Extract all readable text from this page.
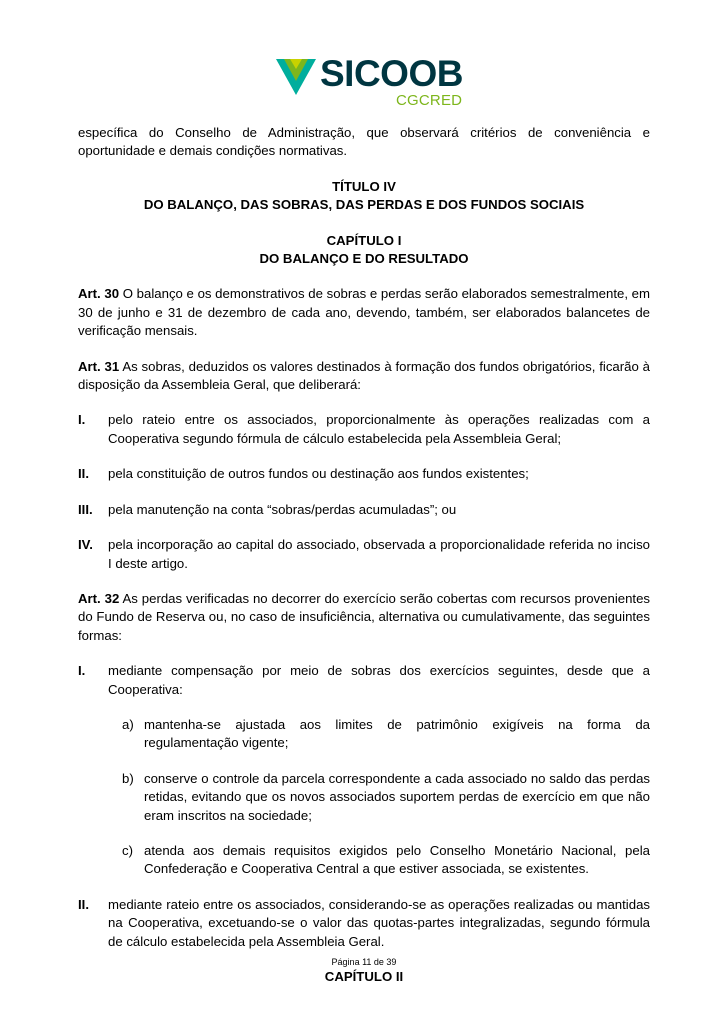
SICOOB
CGCRED

específica do Conselho de Administração, que observará critérios de conveniência e oportunidade e demais condições normativas.

TÍTULO IV

DO BALANÇO, DAS SOBRAS, DAS PERDAS E DOS FUNDOS SOCIAIS

CAPÍTULO I

DO BALANÇO E DO RESULTADO

Art. 30 O balanço e os demonstrativos de sobras e perdas serão elaborados semestralmente, em 30 de junho e 31 de dezembro de cada ano, devendo, também, ser elaborados balancetes de verificação mensais.

Art. 31 As sobras, deduzidos os valores destinados à formação dos fundos obrigatórios, ficarão à disposição da Assembleia Geral, que deliberará:

I. pelo rateio entre os associados, proporcionalmente às operações realizadas com a Cooperativa segundo fórmula de cálculo estabelecida pela Assembleia Geral;
II. pela constituição de outros fundos ou destinação aos fundos existentes;
III. pela manutenção na conta “sobras/perdas acumuladas”; ou
IV. pela incorporação ao capital do associado, observada a proporcionalidade referida no inciso I deste artigo.

Art. 32 As perdas verificadas no decorrer do exercício serão cobertas com recursos provenientes do Fundo de Reserva ou, no caso de insuficiência, alternativa ou cumulativamente, das seguintes formas:

I. mediante compensação por meio de sobras dos exercícios seguintes, desde que a Cooperativa:
a) mantenha-se ajustada aos limites de patrimônio exigíveis na forma da regulamentação vigente;
b) conserve o controle da parcela correspondente a cada associado no saldo das perdas retidas, evitando que os novos associados suportem perdas de exercício em que não eram inscritos na sociedade;
c) atenda aos demais requisitos exigidos pelo Conselho Monetário Nacional, pela Confederação e Cooperativa Central a que estiver associada, se existentes.
II. mediante rateio entre os associados, considerando-se as operações realizadas ou mantidas na Cooperativa, excetuando-se o valor das quotas-partes integralizadas, segundo fórmula de cálculo estabelecida pela Assembleia Geral.

CAPÍTULO II

Página 11 de 39
